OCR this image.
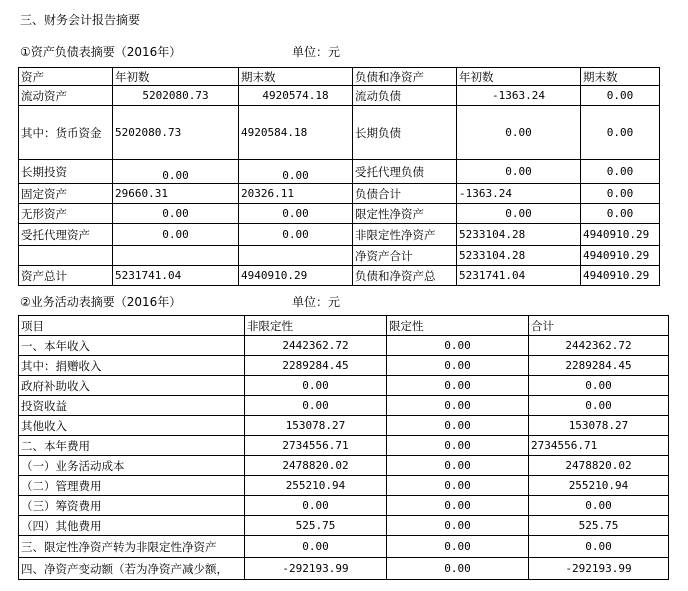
三、财务会计报告摘要
①资产负债表摘要（2016年）	单位：元
资产	年初数	期末数	负债和净资产	年初数	期末数
流动资产	5202080.73	4920574.18	流动负债	-1363.24	0.00
其中：货币资金	5202080.73	4920584.18	长期负债	0.00	0.00
长期投资	0.00	0.00	受托代理负债	0.00	0.00
固定资产	29660.31	20326.11	负债合计	-1363.24	0.00
无形资产	0.00	0.00	限定性净资产	0.00	0.00
受托代理资产	0.00	0.00	非限定性净资产	5233104.28	4940910.29
			净资产合计	5233104.28	4940910.29
资产总计	5231741.04	4940910.29	负债和净资产总	5231741.04	4940910.29
②业务活动表摘要（2016年）	单位：元
项目	非限定性	限定性	合计
一、本年收入	2442362.72	0.00	2442362.72
其中：捐赠收入	2289284.45	0.00	2289284.45
政府补助收入	0.00	0.00	0.00
投资收益	0.00	0.00	0.00
其他收入	153078.27	0.00	153078.27
二、本年费用	2734556.71	0.00	2734556.71
（一）业务活动成本	2478820.02	0.00	2478820.02
（二）管理费用	255210.94	0.00	255210.94
（三）筹资费用	0.00	0.00	0.00
（四）其他费用	525.75	0.00	525.75
三、限定性净资产转为非限定性净资产	0.00	0.00	0.00
四、净资产变动额（若为净资产减少额，	-292193.99	0.00	-292193.99
